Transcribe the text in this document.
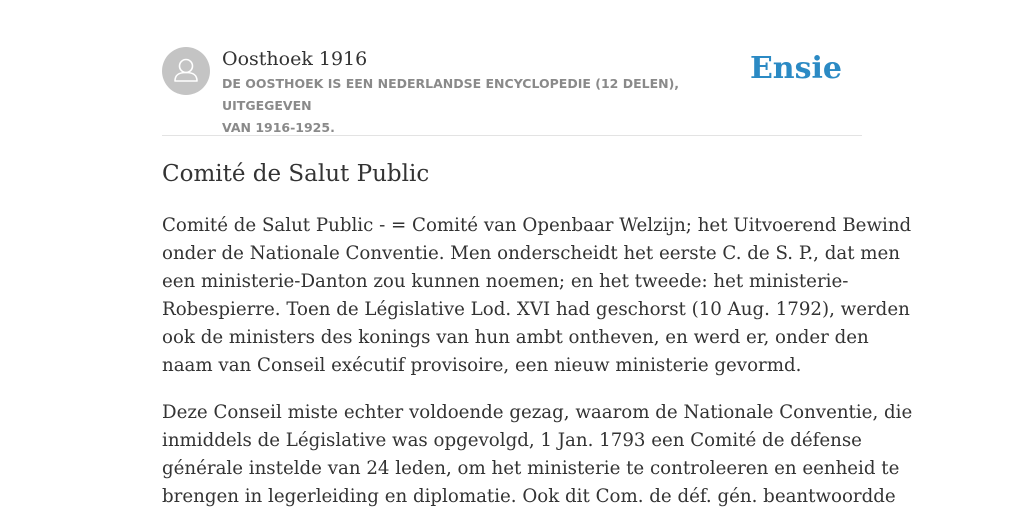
Oosthoek 1916
DE OOSTHOEK IS EEN NEDERLANDSE ENCYCLOPEDIE (12 DELEN), UITGEGEVEN
VAN 1916-1925.
Ensie
Comité de Salut Public

Comité de Salut Public - = Comité van Openbaar Welzijn; het Uitvoerend Bewind
onder de Nationale Conventie. Men onderscheidt het eerste C. de S. P., dat men
een ministerie-Danton zou kunnen noemen; en het tweede: het ministerie-
Robespierre. Toen de Législative Lod. XVI had geschorst (10 Aug. 1792), werden
ook de ministers des konings van hun ambt ontheven, en werd er, onder den
naam van Conseil exécutif provisoire, een nieuw ministerie gevormd.

Deze Conseil miste echter voldoende gezag, waarom de Nationale Conventie, die
inmiddels de Législative was opgevolgd, 1 Jan. 1793 een Comité de défense
générale instelde van 24 leden, om het ministerie te controleeren en eenheid te
brengen in legerleiding en diplomatie. Ook dit Com. de déf. gén. beantwoordde
